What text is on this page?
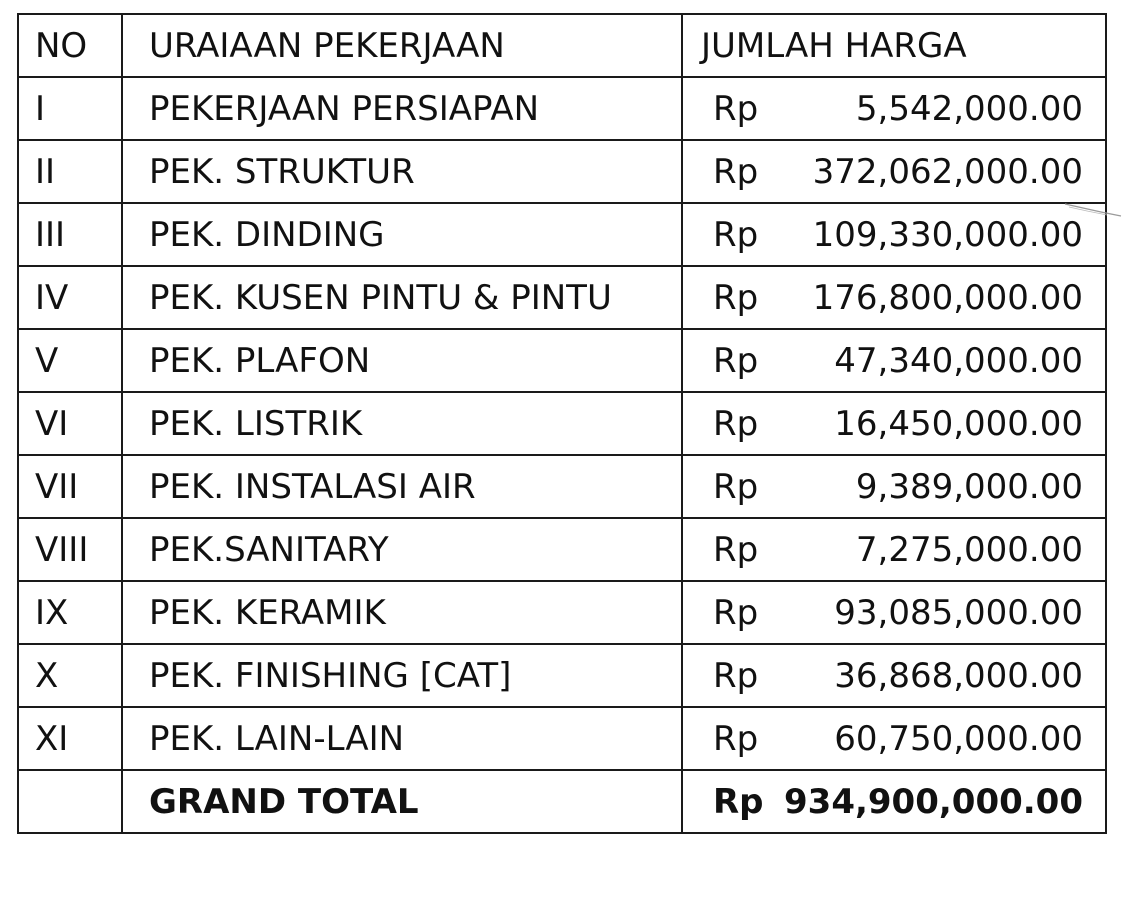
NO	URAIAAN PEKERJAAN	JUMLAH HARGA
I	PEKERJAAN PERSIAPAN	Rp 5,542,000.00

II	PEK. STRUKTUR	Rp 372,062,000.00

III	PEK. DINDING	Rp 109,330,000.00

IV	PEK. KUSEN PINTU & PINTU	Rp 176,800,000.00

V	PEK. PLAFON	Rp 47,340,000.00

VI	PEK. LISTRIK	Rp 16,450,000.00

VII	PEK. INSTALASI AIR	Rp 9,389,000.00

VIII	PEK.SANITARY	Rp 7,275,000.00

IX	PEK. KERAMIK	Rp 93,085,000.00

X	PEK. FINISHING [CAT]	Rp 36,868,000.00

XI	PEK. LAIN-LAIN	Rp 60,750,000.00

	GRAND TOTAL	Rp 934,900,000.00
